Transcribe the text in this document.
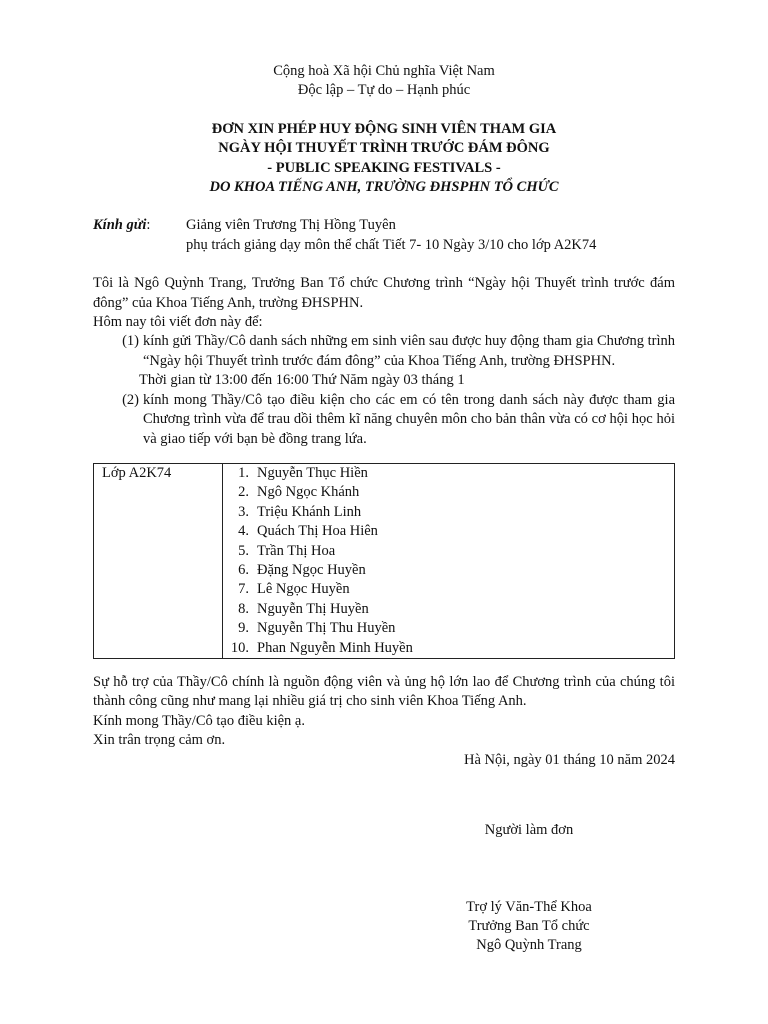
Cộng hoà Xã hội Chủ nghĩa Việt Nam
Độc lập – Tự do – Hạnh phúc
ĐƠN XIN PHÉP HUY ĐỘNG SINH VIÊN THAM GIA
NGÀY HỘI THUYẾT TRÌNH TRƯỚC ĐÁM ĐÔNG
- PUBLIC SPEAKING FESTIVALS -
DO KHOA TIẾNG ANH, TRƯỜNG ĐHSPHN TỔ CHỨC
Kính gửi:	Giảng viên Trương Thị Hồng Tuyên
phụ trách giảng dạy môn thể chất Tiết 7- 10 Ngày 3/10 cho lớp A2K74
Tôi là Ngô Quỳnh Trang, Trưởng Ban Tổ chức Chương trình “Ngày hội Thuyết trình trước đám đông” của Khoa Tiếng Anh, trường ĐHSPHN.
Hôm nay tôi viết đơn này để:
(1) kính gửi Thầy/Cô danh sách những em sinh viên sau được huy động tham gia Chương trình “Ngày hội Thuyết trình trước đám đông” của Khoa Tiếng Anh, trường ĐHSPHN.
Thời gian từ 13:00 đến 16:00 Thứ Năm ngày 03 tháng 1
(2) kính mong Thầy/Cô tạo điều kiện cho các em có tên trong danh sách này được tham gia Chương trình vừa để trau dồi thêm kĩ năng chuyên môn cho bản thân vừa có cơ hội học hỏi và giao tiếp với bạn bè đồng trang lứa.
Lớp A2K74	1. Nguyễn Thục Hiền
2. Ngô Ngọc Khánh
3. Triệu Khánh Linh
4. Quách Thị Hoa Hiên
5. Trần Thị Hoa
6. Đặng Ngọc Huyền
7. Lê Ngọc Huyền
8. Nguyễn Thị Huyền
9. Nguyễn Thị Thu Huyền
10. Phan Nguyễn Minh Huyền
Sự hỗ trợ của Thầy/Cô chính là nguồn động viên và ủng hộ lớn lao để Chương trình của chúng tôi thành công cũng như mang lại nhiều giá trị cho sinh viên Khoa Tiếng Anh.
Kính mong Thầy/Cô tạo điều kiện ạ.
Xin trân trọng cảm ơn.
Hà Nội, ngày 01 tháng 10 năm 2024
Người làm đơn
Trợ lý Văn-Thể Khoa
Trưởng Ban Tổ chức
Ngô Quỳnh Trang
